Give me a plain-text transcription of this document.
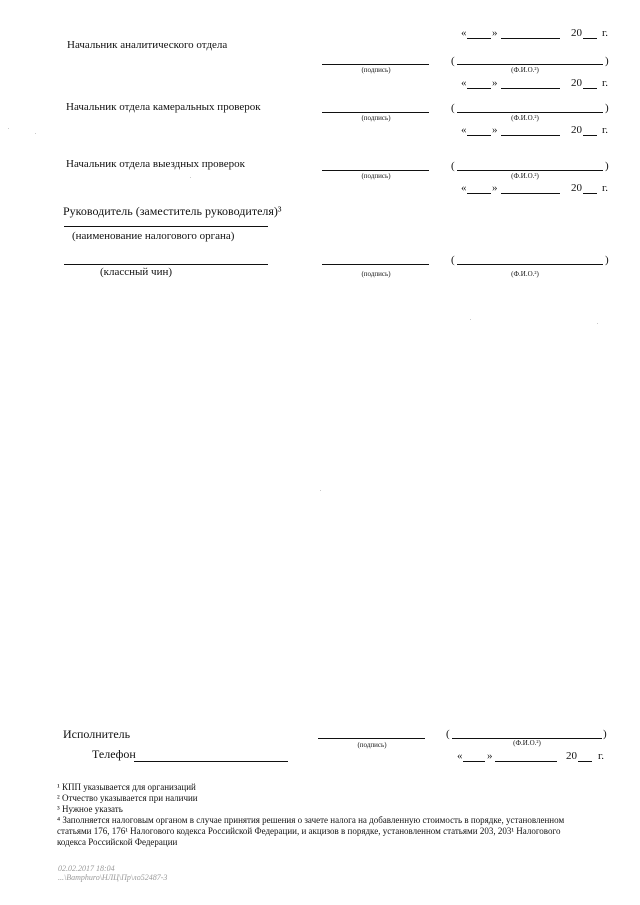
« »	20 г.
Начальник аналитического отдела
(подпись)
(	)
(Ф.И.О.²)
« »	20 г.
Начальник отдела камеральных проверок
(подпись)
(	)
(Ф.И.О.²)
« »	20 г.
Начальник отдела выездных проверок
(подпись)
(	)
(Ф.И.О.²)
« »	20 г.
Руководитель (заместитель руководителя)³
(наименование налогового органа)
(классный чин)	(подпись)
(	)
(Ф.И.О.²)
Исполнитель
(подпись)
(	)
(Ф.И.О.²)
Телефон	« »	20 г.
¹ КПП указывается для организаций
² Отчество указывается при наличии
³ Нужное указать
⁴ Заполняется налоговым органом в случае принятия решения о зачете налога на добавленную стоимость в порядке, установленном
статьями 176, 176¹ Налогового кодекса Российской Федерации, и акцизов в порядке, установленном статьями 203, 203¹ Налогового
кодекса Российской Федерации
02.02.2017 18:04
...\Bamphuro\HЛЦ\Пр\ло52487-3
